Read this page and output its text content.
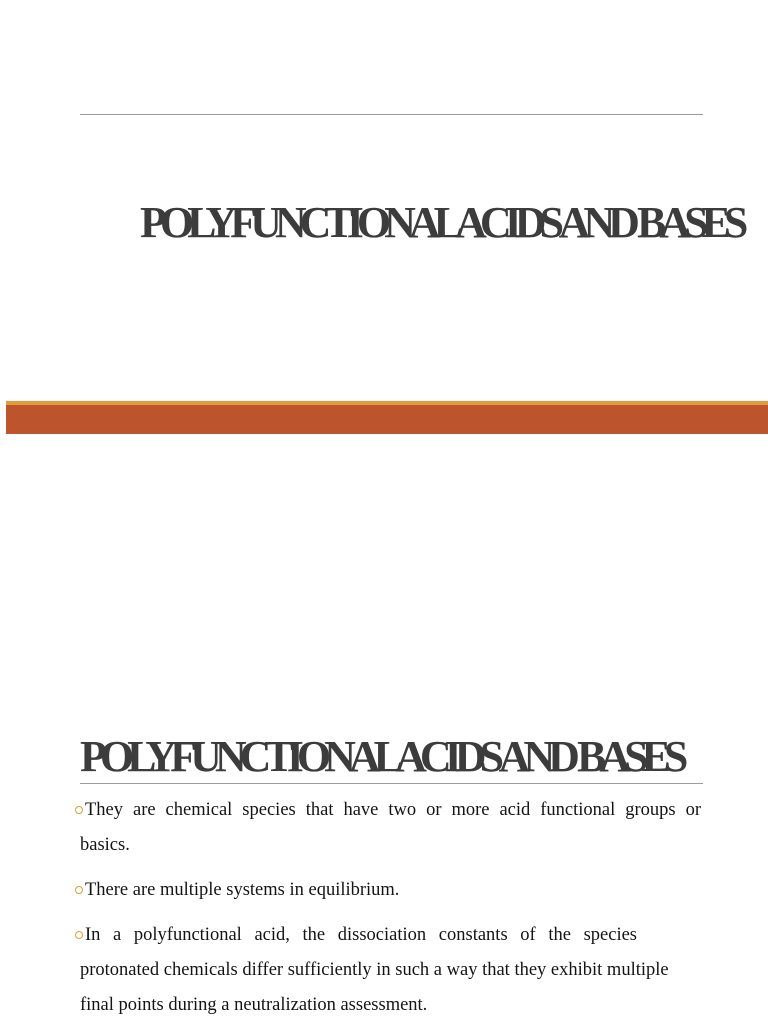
POLYFUNCTIONAL ACIDS AND BASES
POLYFUNCTIONAL ACIDS AND BASES
They are chemical species that have two or more acid functional groups or
basics.
There are multiple systems in equilibrium.
In a polyfunctional acid, the dissociation constants of the species
protonated chemicals differ sufficiently in such a way that they exhibit multiple
final points during a neutralization assessment.
